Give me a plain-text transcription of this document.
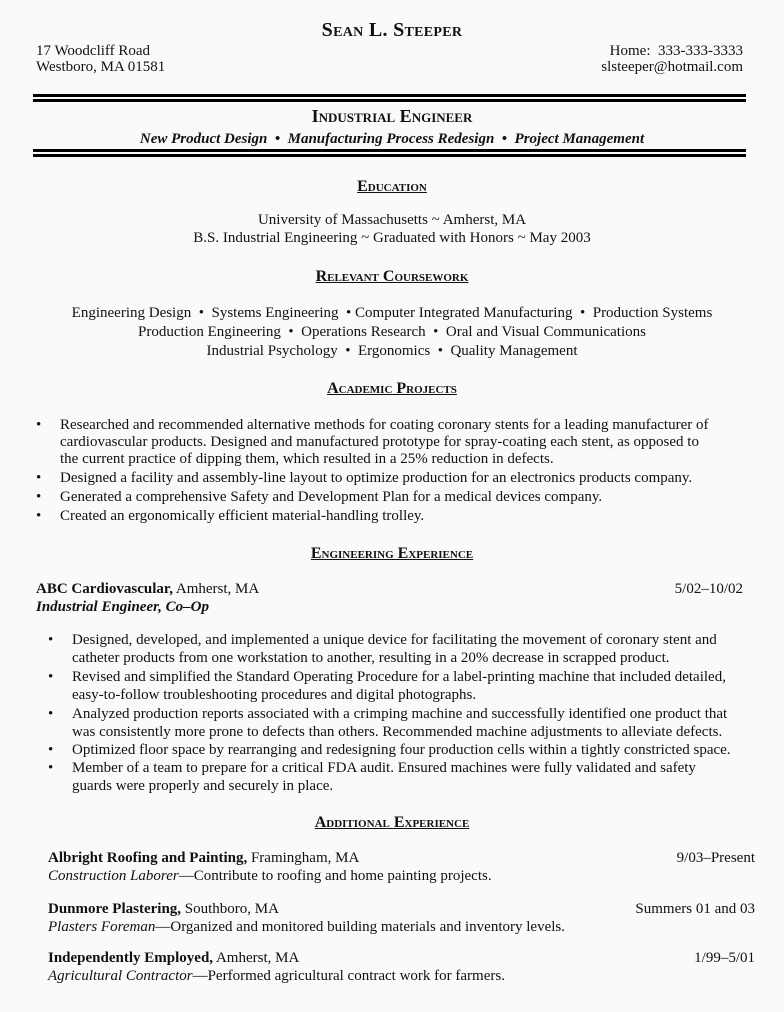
Sean L. Steeper
17 Woodcliff Road
Westboro, MA 01581
Home:  333-333-3333
slsteeper@hotmail.com
Industrial Engineer
New Product Design  •  Manufacturing Process Redesign  •  Project Management
Education
University of Massachusetts ~ Amherst, MA
B.S. Industrial Engineering ~ Graduated with Honors ~ May 2003
Relevant Coursework
Engineering Design  •  Systems Engineering  • Computer Integrated Manufacturing  •  Production Systems
Production Engineering  •  Operations Research  •  Oral and Visual Communications
Industrial Psychology  •  Ergonomics  •  Quality Management
Academic Projects
• Researched and recommended alternative methods for coating coronary stents for a leading manufacturer of
cardiovascular products. Designed and manufactured prototype for spray-coating each stent, as opposed to
the current practice of dipping them, which resulted in a 25% reduction in defects.
• Designed a facility and assembly-line layout to optimize production for an electronics products company.
• Generated a comprehensive Safety and Development Plan for a medical devices company.
• Created an ergonomically efficient material-handling trolley.
Engineering Experience
ABC Cardiovascular, Amherst, MA	5/02–10/02
Industrial Engineer, Co–Op
• Designed, developed, and implemented a unique device for facilitating the movement of coronary stent and
catheter products from one workstation to another, resulting in a 20% decrease in scrapped product.
• Revised and simplified the Standard Operating Procedure for a label-printing machine that included detailed,
easy-to-follow troubleshooting procedures and digital photographs.
• Analyzed production reports associated with a crimping machine and successfully identified one product that
was consistently more prone to defects than others. Recommended machine adjustments to alleviate defects.
• Optimized floor space by rearranging and redesigning four production cells within a tightly constricted space.
• Member of a team to prepare for a critical FDA audit. Ensured machines were fully validated and safety
guards were properly and securely in place.
Additional Experience
Albright Roofing and Painting, Framingham, MA	9/03–Present
Construction Laborer—Contribute to roofing and home painting projects.
Dunmore Plastering, Southboro, MA	Summers 01 and 03
Plasters Foreman—Organized and monitored building materials and inventory levels.
Independently Employed, Amherst, MA	1/99–5/01
Agricultural Contractor—Performed agricultural contract work for farmers.
